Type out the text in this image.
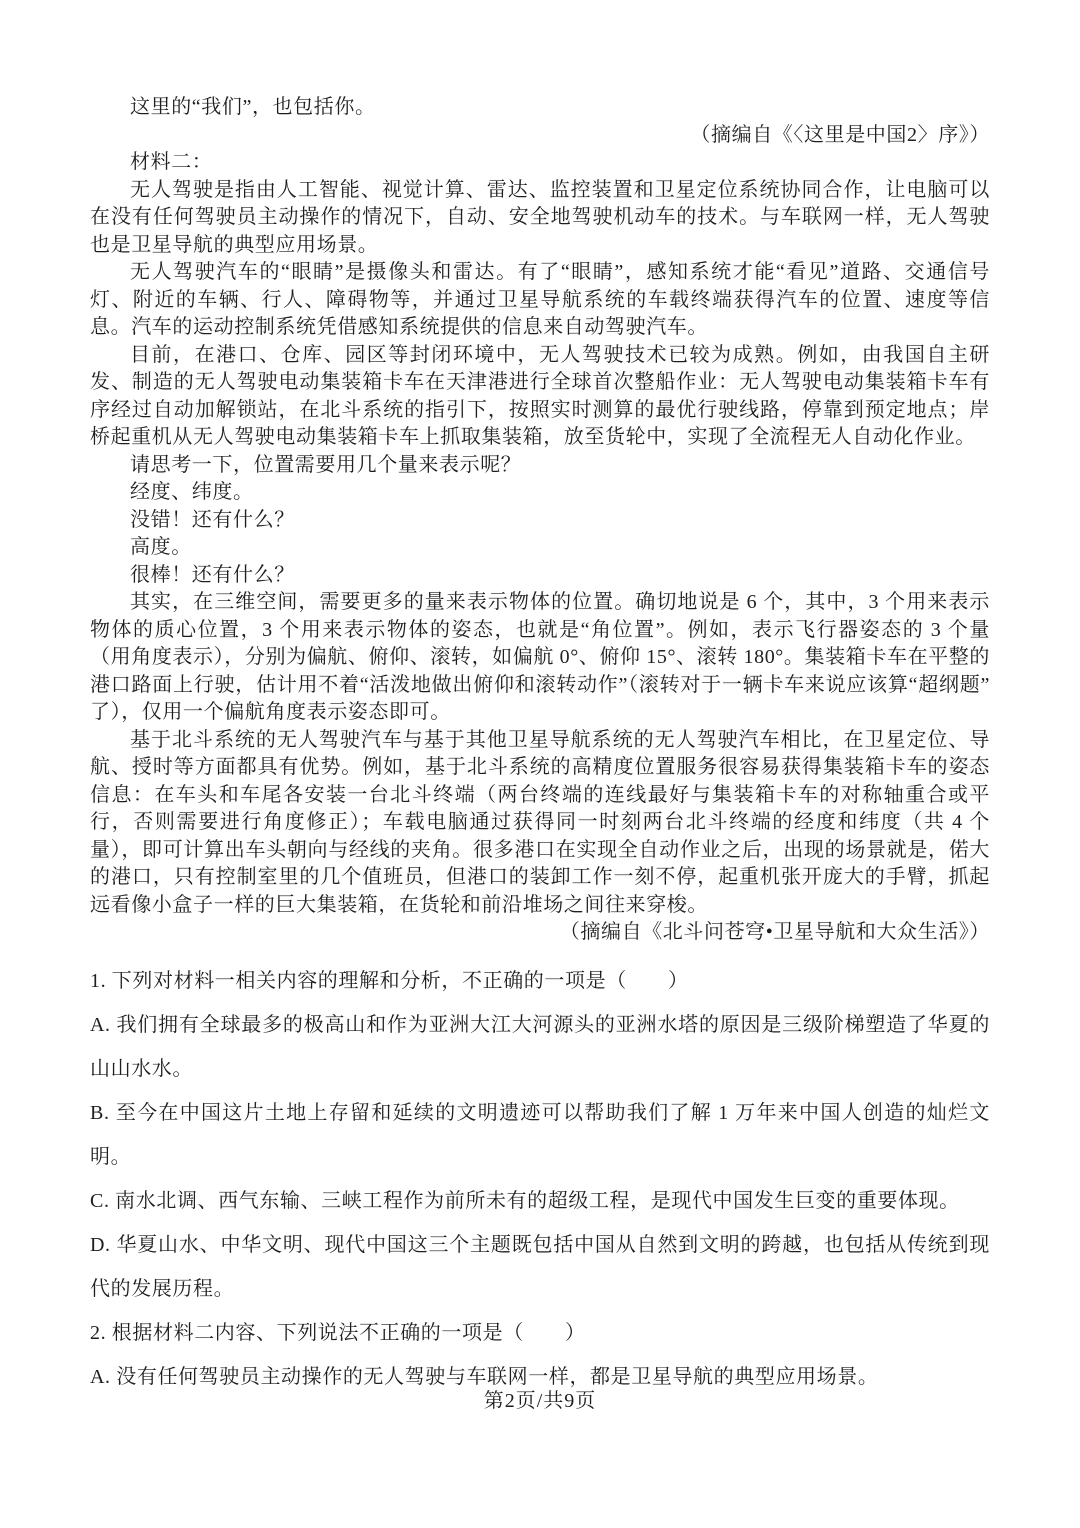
这里的“我们”，也包括你。

（摘编自《〈这里是中国2〉序》）

材料二：

无人驾驶是指由人工智能、视觉计算、雷达、监控装置和卫星定位系统协同合作，让电脑可以在没有任何驾驶员主动操作的情况下，自动、安全地驾驶机动车的技术。与车联网一样，无人驾驶也是卫星导航的典型应用场景。

无人驾驶汽车的“眼睛”是摄像头和雷达。有了“眼睛”，感知系统才能“看见”道路、交通信号灯、附近的车辆、行人、障碍物等，并通过卫星导航系统的车载终端获得汽车的位置、速度等信息。汽车的运动控制系统凭借感知系统提供的信息来自动驾驶汽车。

目前，在港口、仓库、园区等封闭环境中，无人驾驶技术已较为成熟。例如，由我国自主研发、制造的无人驾驶电动集装箱卡车在天津港进行全球首次整船作业：无人驾驶电动集装箱卡车有序经过自动加解锁站，在北斗系统的指引下，按照实时测算的最优行驶线路，停靠到预定地点；岸桥起重机从无人驾驶电动集装箱卡车上抓取集装箱，放至货轮中，实现了全流程无人自动化作业。

请思考一下，位置需要用几个量来表示呢？

经度、纬度。

没错！还有什么？

高度。

很棒！还有什么？

其实，在三维空间，需要更多的量来表示物体的位置。确切地说是 6 个，其中，3 个用来表示物体的质心位置，3 个用来表示物体的姿态，也就是“角位置”。例如，表示飞行器姿态的 3 个量（用角度表示），分别为偏航、俯仰、滚转，如偏航 0°、俯仰 15°、滚转 180°。集装箱卡车在平整的港口路面上行驶，估计用不着“活泼地做出俯仰和滚转动作”（滚转对于一辆卡车来说应该算“超纲题”了），仅用一个偏航角度表示姿态即可。

基于北斗系统的无人驾驶汽车与基于其他卫星导航系统的无人驾驶汽车相比，在卫星定位、导航、授时等方面都具有优势。例如，基于北斗系统的高精度位置服务很容易获得集装箱卡车的姿态信息：在车头和车尾各安装一台北斗终端（两台终端的连线最好与集装箱卡车的对称轴重合或平行，否则需要进行角度修正）；车载电脑通过获得同一时刻两台北斗终端的经度和纬度（共 4 个量），即可计算出车头朝向与经线的夹角。很多港口在实现全自动作业之后，出现的场景就是，偌大的港口，只有控制室里的几个值班员，但港口的装卸工作一刻不停，起重机张开庞大的手臂，抓起远看像小盒子一样的巨大集装箱，在货轮和前沿堆场之间往来穿梭。

（摘编自《北斗问苍穹•卫星导航和大众生活》）

1. 下列对材料一相关内容的理解和分析，不正确的一项是（　　）

A. 我们拥有全球最多的极高山和作为亚洲大江大河源头的亚洲水塔的原因是三级阶梯塑造了华夏的山山水水。

B. 至今在中国这片土地上存留和延续的文明遗迹可以帮助我们了解 1 万年来中国人创造的灿烂文明。

C. 南水北调、西气东输、三峡工程作为前所未有的超级工程，是现代中国发生巨变的重要体现。

D. 华夏山水、中华文明、现代中国这三个主题既包括中国从自然到文明的跨越，也包括从传统到现代的发展历程。

2. 根据材料二内容、下列说法不正确的一项是（　　）

A. 没有任何驾驶员主动操作的无人驾驶与车联网一样，都是卫星导航的典型应用场景。

第2页/共9页
